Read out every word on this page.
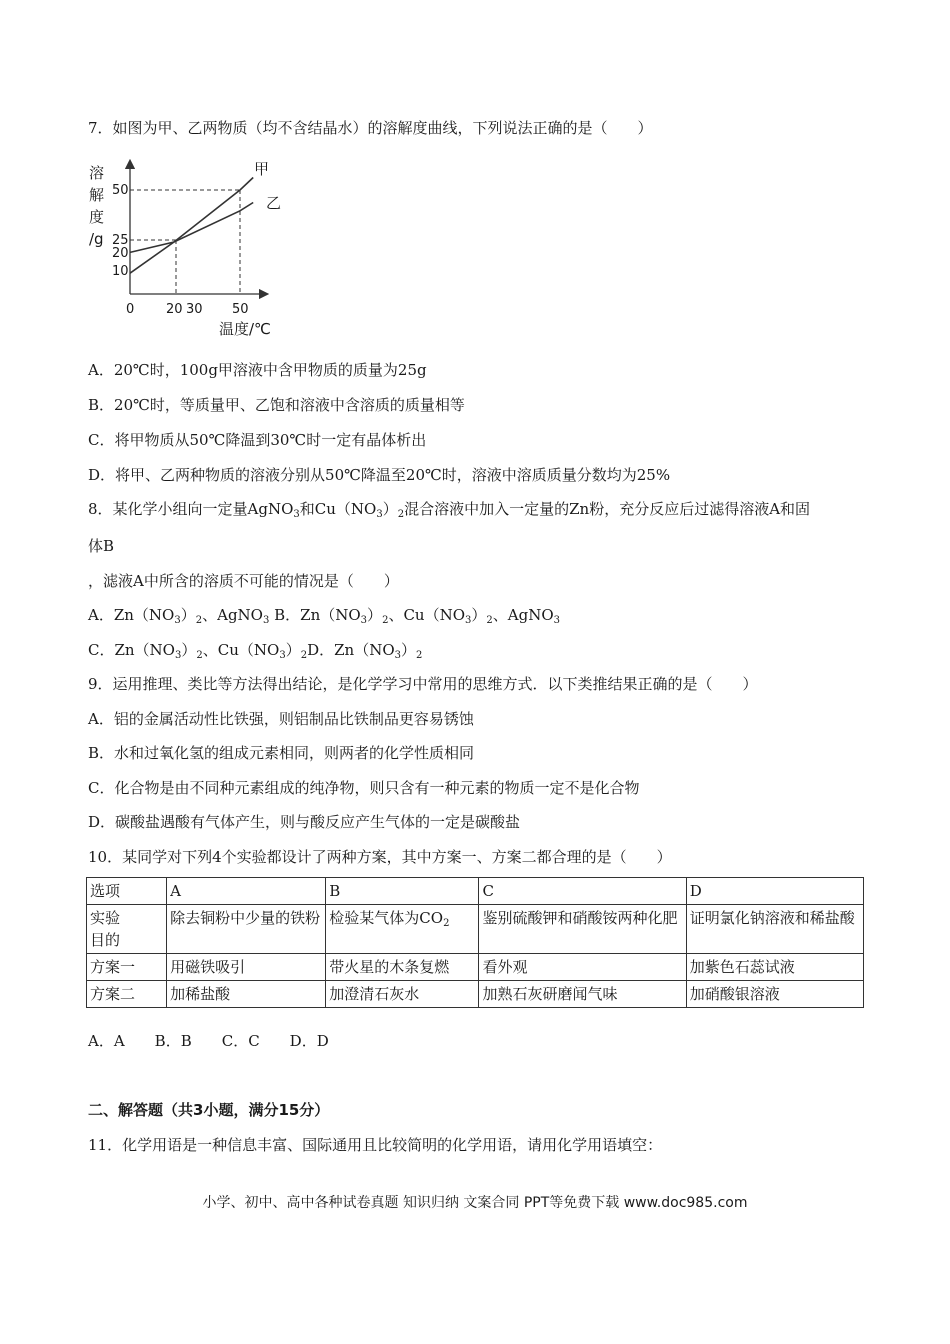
7．如图为甲、乙两物质（均不含结晶水）的溶解度曲线，下列说法正确的是（　　）
溶
解
度
/g
50
25
20
10
0 20 30 50
温度/℃
甲
乙
A．20℃时，100g甲溶液中含甲物质的质量为25g
B．20℃时，等质量甲、乙饱和溶液中含溶质的质量相等
C．将甲物质从50℃降温到30℃时一定有晶体析出
D．将甲、乙两种物质的溶液分别从50℃降温至20℃时，溶液中溶质质量分数均为25%
8．某化学小组向一定量AgNO$_3$和$Cu(NO_3)_2$混合溶液中加入一定量的Zn粉，充分反应后过滤得溶液A和固
体B
，滤液A中所含的溶质不可能的情况是（　　）
A．$Zn(NO_3)_2$、AgNO$_3$ B．$Zn(NO_3)_2$、$Cu(NO_3)_2$、AgNO$_3$
C．$Zn(NO_3)_2$、$Cu(NO_3)_2D$．$Zn(NO_3)_2$
9．运用推理、类比等方法得出结论，是化学学习中常用的思维方式．以下类推结果正确的是（　　）
A．铝的金属活动性比铁强，则铝制品比铁制品更容易锈蚀
B．水和过氧化氢的组成元素相同，则两者的化学性质相同
C．化合物是由不同种元素组成的纯净物，则只含有一种元素的物质一定不是化合物
D．碳酸盐遇酸有气体产生，则与酸反应产生气体的一定是碳酸盐
10．某同学对下列4个实验都设计了两种方案，其中方案一、方案二都合理的是（　　）
选项	A	B	C	D

实验
目的	除去铜粉中少量的铁粉	检验某气体为$CO_2$	鉴别硫酸钾和硝酸铵两种化肥	证明氯化钠溶液和稀盐酸
方案一	用磁铁吸引	带火星的木条复燃	看外观	加紫色石蕊试液
方案二	加稀盐酸	加澄清石灰水	加熟石灰研磨闻气味	加硝酸银溶液
A．A　　B．B　　C．C　　D．D
二、解答题（共3小题，满分15分）
11．化学用语是一种信息丰富、国际通用且比较简明的化学用语，请用化学用语填空：
小学、初中、高中各种试卷真题 知识归纳 文案合同 PPT等免费下载 www.doc985.com
